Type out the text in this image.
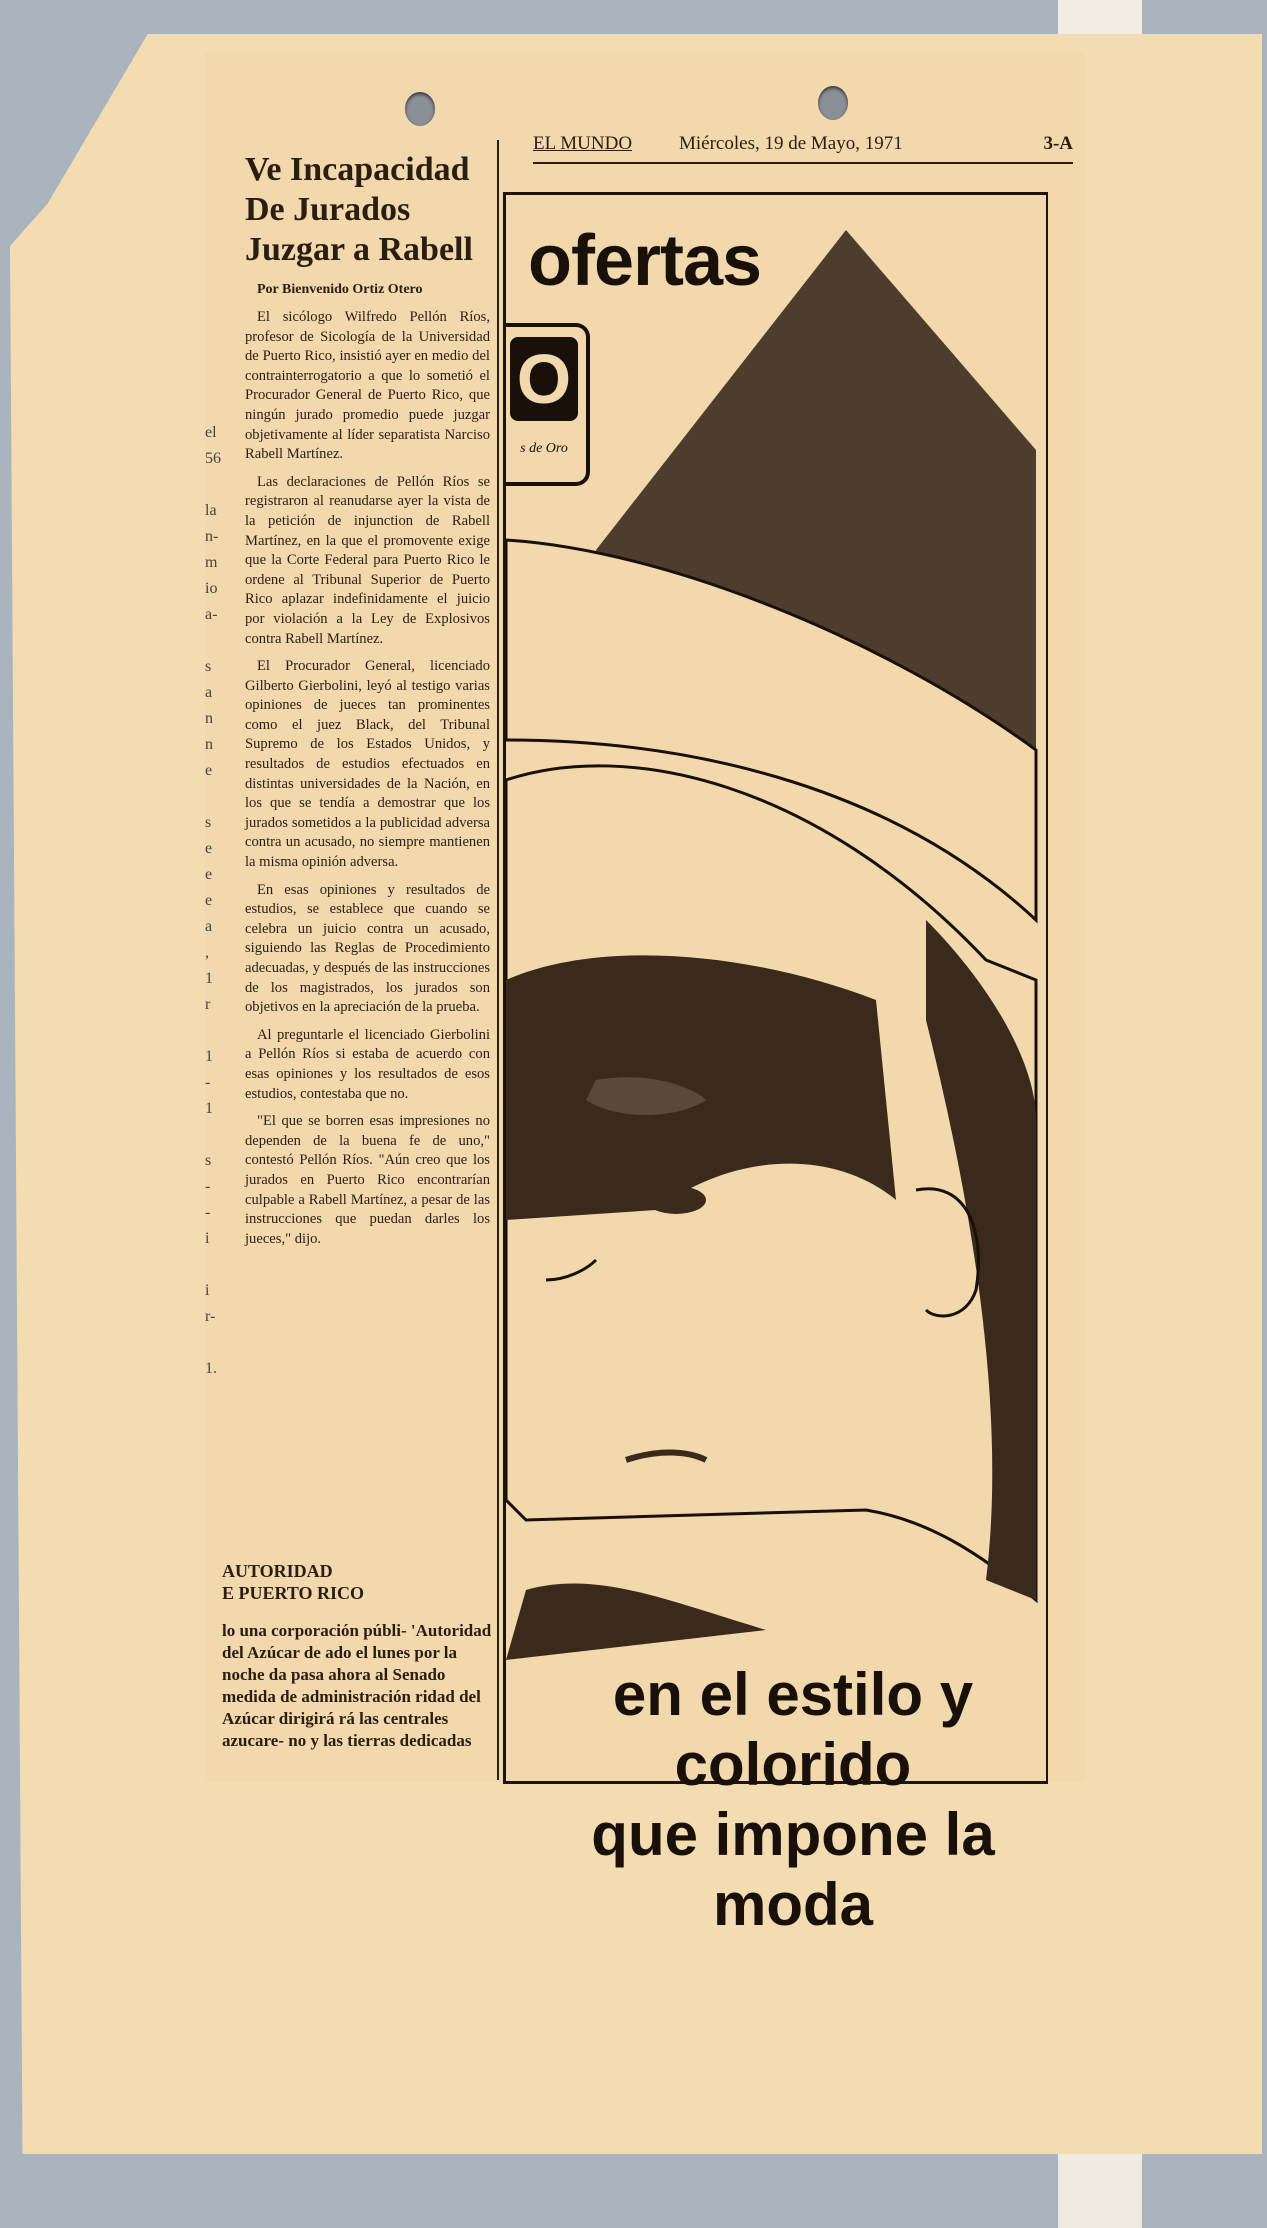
EL MUNDO Miércoles, 19 de Mayo, 1971	3-A
el
56

la
n-
m
io
a-

s
a
n
n
e

s
e
e
e
a
,
1
r

1
-
1

s
-
-
i

i
r-

1.
Ve Incapacidad
De Jurados
Juzgar a Rabell
Por Bienvenido Ortiz Otero

El sicólogo Wilfredo Pellón Ríos, profesor de Sicología de la Universidad de Puerto Rico, insistió ayer en medio del contrainterrogatorio a que lo sometió el Procurador General de Puerto Rico, que ningún jurado promedio puede juzgar objetivamente al líder separatista Narciso Rabell Martínez.

Las declaraciones de Pellón Ríos se registraron al reanudarse ayer la vista de la petición de injunction de Rabell Martínez, en la que el promovente exige que la Corte Federal para Puerto Rico le ordene al Tribunal Superior de Puerto Rico aplazar indefinidamente el juicio por violación a la Ley de Explosivos contra Rabell Martínez.

El Procurador General, licenciado Gilberto Gierbolini, leyó al testigo varias opiniones de jueces tan prominentes como el juez Black, del Tribunal Supremo de los Estados Unidos, y resultados de estudios efectuados en distintas universidades de la Nación, en los que se tendía a demostrar que los jurados sometidos a la publicidad adversa contra un acusado, no siempre mantienen la misma opinión adversa.

En esas opiniones y resultados de estudios, se establece que cuando se celebra un juicio contra un acusado, siguiendo las Reglas de Procedimiento adecuadas, y después de las instrucciones de los magistrados, los jurados son objetivos en la apreciación de la prueba.

Al preguntarle el licenciado Gierbolini a Pellón Ríos si estaba de acuerdo con esas opiniones y los resultados de esos estudios, contestaba que no.

"El que se borren esas impresiones no dependen de la buena fe de uno," contestó Pellón Ríos. "Aún creo que los jurados en Puerto Rico encontrarían culpable a Rabell Martínez, a pesar de las instrucciones que puedan darles los jueces," dijo.

AUTORIDAD
E PUERTO RICO

lo una corporación públi- 'Autoridad del Azúcar de ado el lunes por la noche da pasa ahora al Senado medida de administración ridad del Azúcar dirigirá rá las centrales azucare- no y las tierras dedicadas

ofertas
O
s de Oro
en el estilo y colorido
que impone la moda
